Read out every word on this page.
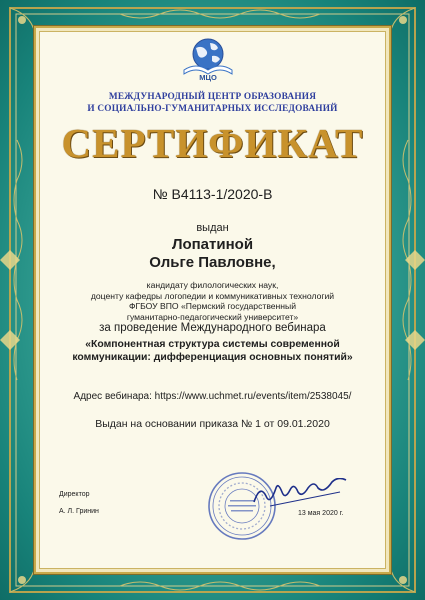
МЦО
МЕЖДУНАРОДНЫЙ ЦЕНТР ОБРАЗОВАНИЯ
И СОЦИАЛЬНО-ГУМАНИТАРНЫХ ИССЛЕДОВАНИЙ
СЕРТИФИКАТ
№ В4113-1/2020-В
выдан
Лопатиной
Ольге Павловне,
кандидату филологических наук,
доценту кафедры логопедии и коммуникативных технологий
ФГБОУ ВПО «Пермский государственный
гуманитарно-педагогический университет»
за проведение Международного вебинара
«Компонентная структура системы современной
коммуникации: дифференциация основных понятий»
Адрес вебинара: https://www.uchmet.ru/events/item/2538045/
Выдан на основании приказа № 1 от 09.01.2020
Директор
А. Л. Гринин	13 мая 2020 г.
